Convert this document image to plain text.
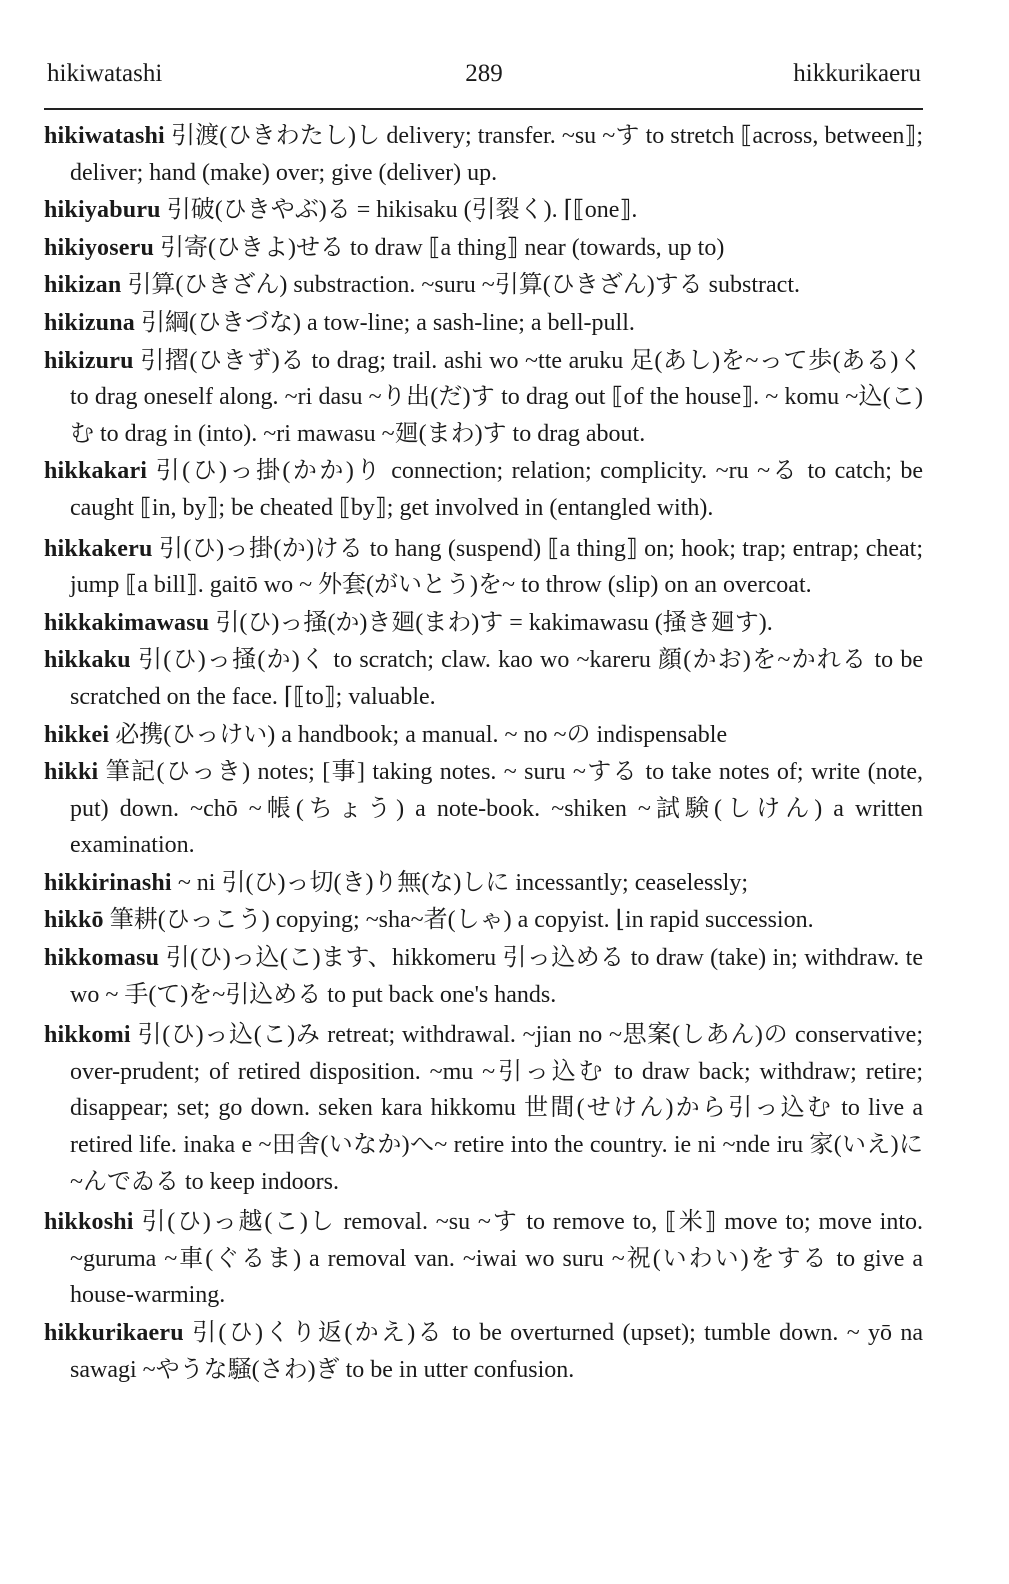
hikiwatashi	289	hikkurikaeru

hikiwatashi 引渡(ひきわたし)し delivery; transfer. ~su ~す to stretch ⟦across, between⟧; deliver; hand (make) over; give (deliver) up.

hikiyaburu 引破(ひきやぶ)る = hikisaku (引裂く). ⌈⟦one⟧.

hikiyoseru 引寄(ひきよ)せる to draw ⟦a thing⟧ near (towards, up to)

hikizan 引算(ひきざん) substraction. ~suru ~引算(ひきざん)する substract.

hikizuna 引綱(ひきづな) a tow-line; a sash-line; a bell-pull.

hikizuru 引摺(ひきず)る to drag; trail. ashi wo ~tte aruku 足(あし)を~って歩(ある)く to drag oneself along. ~ri dasu ~り出(だ)す to drag out ⟦of the house⟧. ~ komu ~込(こ)む to drag in (into). ~ri mawasu ~廻(まわ)す to drag about.

hikkakari 引(ひ)っ掛(かか)り connection; relation; complicity. ~ru ~る to catch; be caught ⟦in, by⟧; be cheated ⟦by⟧; get involved in (entangled with).

hikkakeru 引(ひ)っ掛(か)ける to hang (suspend) ⟦a thing⟧ on; hook; trap; entrap; cheat; jump ⟦a bill⟧. gaitō wo ~ 外套(がいとう)を~ to throw (slip) on an overcoat.

hikkakimawasu 引(ひ)っ掻(か)き廻(まわ)す = kakimawasu (掻き廻す).

hikkaku 引(ひ)っ掻(か)く to scratch; claw. kao wo ~kareru 顔(かお)を~かれる to be scratched on the face. ⌈⟦to⟧; valuable.

hikkei 必携(ひっけい) a handbook; a manual. ~ no ~の indispensable

hikki 筆記(ひっき) notes; [事] taking notes. ~ suru ~する to take notes of; write (note, put) down. ~chō ~帳(ちょう) a note-book. ~shiken ~試験(しけん) a written examination.

hikkirinashi ~ ni 引(ひ)っ切(き)り無(な)しに incessantly; ceaselessly;

hikkō 筆耕(ひっこう) copying; ~sha~者(しゃ) a copyist. ⌊in rapid succession.

hikkomasu 引(ひ)っ込(こ)ます、hikkomeru 引っ込める to draw (take) in; withdraw. te wo ~ 手(て)を~引込める to put back one's hands.

hikkomi 引(ひ)っ込(こ)み retreat; withdrawal. ~jian no ~思案(しあん)の conservative; over-prudent; of retired disposition. ~mu ~引っ込む to draw back; withdraw; retire; disappear; set; go down. seken kara hikkomu 世間(せけん)から引っ込む to live a retired life. inaka e ~田舎(いなか)へ~ retire into the country. ie ni ~nde iru 家(いえ)に~んでゐる to keep indoors.

hikkoshi 引(ひ)っ越(こ)し removal. ~su ~す to remove to, ⟦米⟧ move to; move into. ~guruma ~車(ぐるま) a removal van. ~iwai wo suru ~祝(いわい)をする to give a house-warming.

hikkurikaeru 引(ひ)くり返(かえ)る to be overturned (upset); tumble down. ~ yō na sawagi ~やうな騒(さわ)ぎ to be in utter confusion.
